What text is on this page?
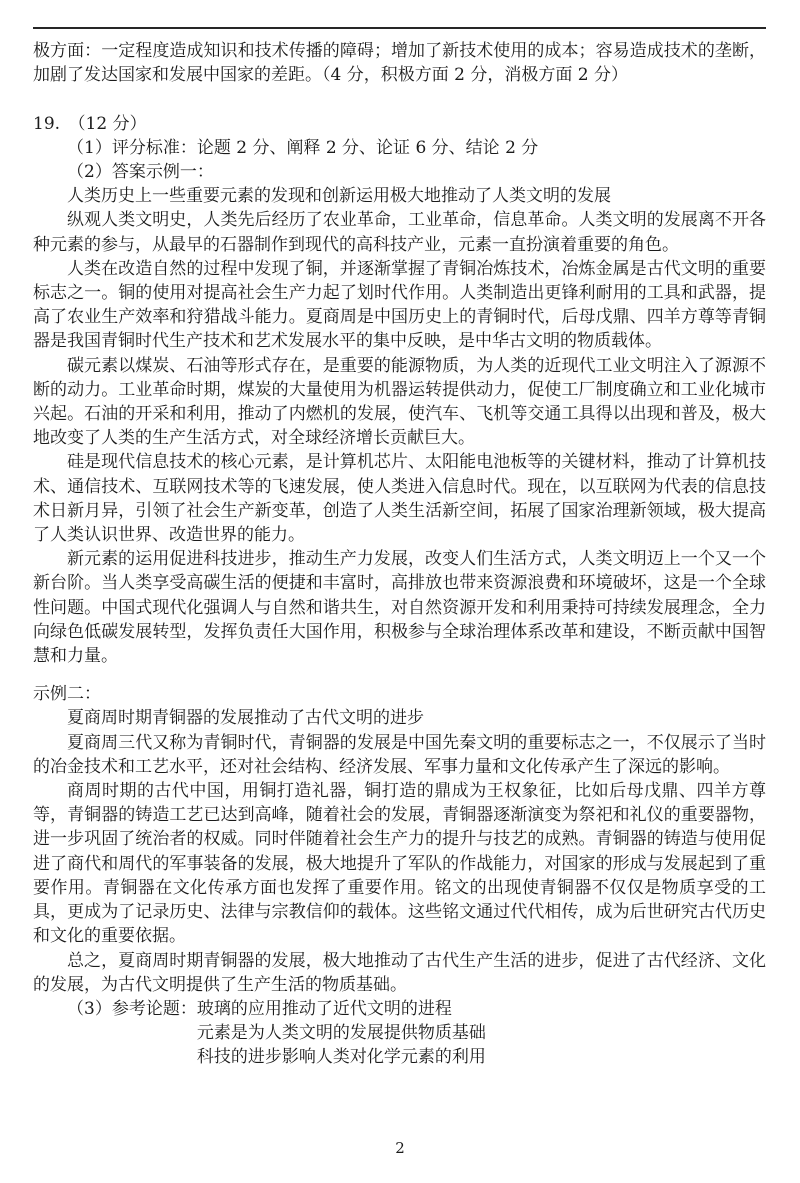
极方面：一定程度造成知识和技术传播的障碍；增加了新技术使用的成本；容易造成技术的垄断，加剧了发达国家和发展中国家的差距。（4 分，积极方面 2 分，消极方面 2 分）

19.　（12 分）

（1）评分标准：论题 2 分、阐释 2 分、论证 6 分、结论 2 分

（2）答案示例一：

人类历史上一些重要元素的发现和创新运用极大地推动了人类文明的发展

纵观人类文明史，人类先后经历了农业革命，工业革命，信息革命。人类文明的发展离不开各种元素的参与，从最早的石器制作到现代的高科技产业，元素一直扮演着重要的角色。

人类在改造自然的过程中发现了铜，并逐渐掌握了青铜冶炼技术，冶炼金属是古代文明的重要标志之一。铜的使用对提高社会生产力起了划时代作用。人类制造出更锋利耐用的工具和武器，提高了农业生产效率和狩猎战斗能力。夏商周是中国历史上的青铜时代，后母戊鼎、四羊方尊等青铜器是我国青铜时代生产技术和艺术发展水平的集中反映，是中华古文明的物质载体。

碳元素以煤炭、石油等形式存在，是重要的能源物质，为人类的近现代工业文明注入了源源不断的动力。工业革命时期，煤炭的大量使用为机器运转提供动力，促使工厂制度确立和工业化城市兴起。石油的开采和利用，推动了内燃机的发展，使汽车、飞机等交通工具得以出现和普及，极大地改变了人类的生产生活方式，对全球经济增长贡献巨大。

硅是现代信息技术的核心元素，是计算机芯片、太阳能电池板等的关键材料，推动了计算机技术、通信技术、互联网技术等的飞速发展，使人类进入信息时代。现在，以互联网为代表的信息技术日新月异，引领了社会生产新变革，创造了人类生活新空间，拓展了国家治理新领域，极大提高了人类认识世界、改造世界的能力。

新元素的运用促进科技进步，推动生产力发展，改变人们生活方式，人类文明迈上一个又一个新台阶。当人类享受高碳生活的便捷和丰富时，高排放也带来资源浪费和环境破坏，这是一个全球性问题。中国式现代化强调人与自然和谐共生，对自然资源开发和利用秉持可持续发展理念，全力向绿色低碳发展转型，发挥负责任大国作用，积极参与全球治理体系改革和建设，不断贡献中国智慧和力量。

示例二：

夏商周时期青铜器的发展推动了古代文明的进步

夏商周三代又称为青铜时代，青铜器的发展是中国先秦文明的重要标志之一，不仅展示了当时的冶金技术和工艺水平，还对社会结构、经济发展、军事力量和文化传承产生了深远的影响。

商周时期的古代中国，用铜打造礼器，铜打造的鼎成为王权象征，比如后母戊鼎、四羊方尊等，青铜器的铸造工艺已达到高峰，随着社会的发展，青铜器逐渐演变为祭祀和礼仪的重要器物，进一步巩固了统治者的权威。同时伴随着社会生产力的提升与技艺的成熟。青铜器的铸造与使用促进了商代和周代的军事装备的发展，极大地提升了军队的作战能力，对国家的形成与发展起到了重要作用。青铜器在文化传承方面也发挥了重要作用。铭文的出现使青铜器不仅仅是物质享受的工具，更成为了记录历史、法律与宗教信仰的载体。这些铭文通过代代相传，成为后世研究古代历史和文化的重要依据。

总之，夏商周时期青铜器的发展，极大地推动了古代生产生活的进步，促进了古代经济、文化的发展，为古代文明提供了生产生活的物质基础。

（3）参考论题： 玻璃的应用推动了近代文明的进程

元素是为人类文明的发展提供物质基础

科技的进步影响人类对化学元素的利用

2
